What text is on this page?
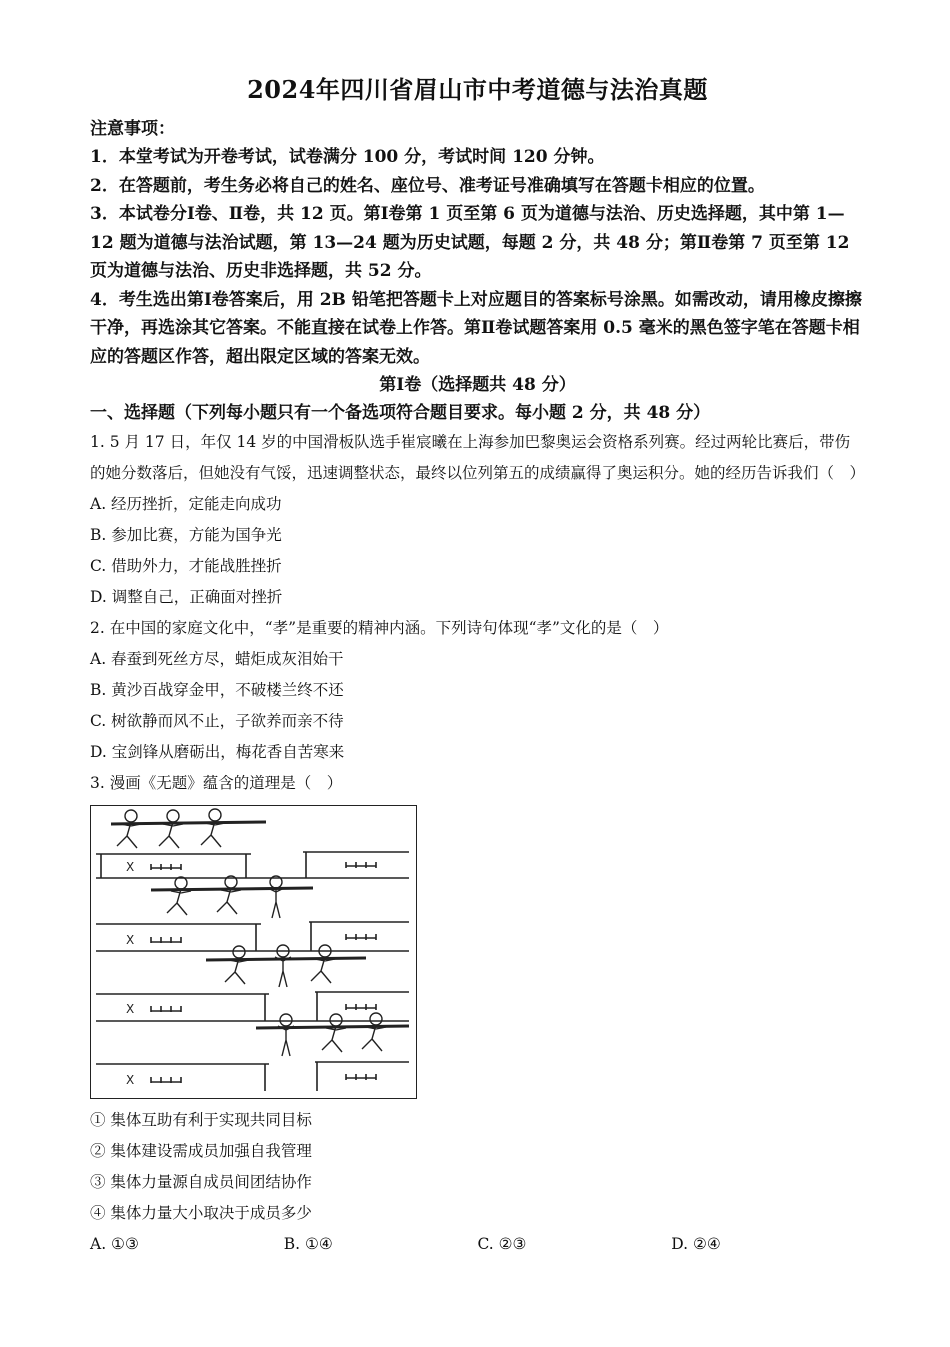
2024年四川省眉山市中考道德与法治真题

注意事项：

1．本堂考试为开卷考试，试卷满分 100 分，考试时间 120 分钟。

2．在答题前，考生务必将自己的姓名、座位号、准考证号准确填写在答题卡相应的位置。

3．本试卷分Ⅰ卷、Ⅱ卷，共 12 页。第Ⅰ卷第 1 页至第 6 页为道德与法治、历史选择题，其中第 1—12 题为道德与法治试题，第 13—24 题为历史试题，每题 2 分，共 48 分；第Ⅱ卷第 7 页至第 12 页为道德与法治、历史非选择题，共 52 分。

4．考生选出第Ⅰ卷答案后，用 2B 铅笔把答题卡上对应题目的答案标号涂黑。如需改动，请用橡皮擦擦干净，再选涂其它答案。不能直接在试卷上作答。第Ⅱ卷试题答案用 0.5 毫米的黑色签字笔在答题卡相应的答题区作答，超出限定区域的答案无效。

第Ⅰ卷（选择题共 48 分）

一、选择题（下列每小题只有一个备选项符合题目要求。每小题 2 分，共 48 分）

1. 5 月 17 日，年仅 14 岁的中国滑板队选手崔宸曦在上海参加巴黎奥运会资格系列赛。经过两轮比赛后，带伤的她分数落后，但她没有气馁，迅速调整状态，最终以位列第五的成绩赢得了奥运积分。她的经历告诉我们（　）

A. 经历挫折，定能走向成功

B. 参加比赛，方能为国争光

C. 借助外力，才能战胜挫折

D. 调整自己，正确面对挫折

2. 在中国的家庭文化中，“孝”是重要的精神内涵。下列诗句体现“孝”文化的是（　）

A. 春蚕到死丝方尽，蜡炬成灰泪始干

B. 黄沙百战穿金甲，不破楼兰终不还

C. 树欲静而风不止，子欲养而亲不待

D. 宝剑锋从磨砺出，梅花香自苦寒来

3. 漫画《无题》蕴含的道理是（　）

X
X
X
X

① 集体互助有利于实现共同目标

② 集体建设需成员加强自我管理

③ 集体力量源自成员间团结协作

④ 集体力量大小取决于成员多少

A. ①③	B. ①④	C. ②③	D. ②④
